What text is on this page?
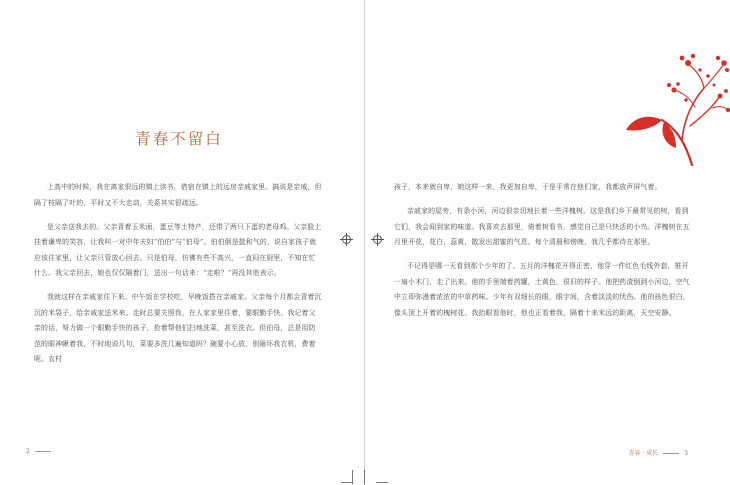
青春不留白

上高中的时候，我在离家很远的镇上读书，借宿在镇上的远房亲戚家里。搞说是亲戚，但隔了枝隔了叶的，平时又不大走动，关系其实很疏远。

是父亲送我去的。父亲背着玉米面，蛋豆等土特产，还带了两只下蛋的老母鸡。父亲脸上挂着谦卑的笑容，让我叫一对中年夫妇“伯伯”与“伯母”。伯伯倒是挺和气的，说自家孩子就应该住家里，让父亲只管放心回去。只是伯母，仿佛有些不高兴，一直闷在厨里，不知在忙什么。我父亲回去，她也仅仅隔着门，送出一句话来：“走啦？”再没其他表示。

我就这样在亲戚家住下来。中午饭在学校吃，早晚饭搭在亲戚家。父亲每个月都会背着沉沉的米袋子，给亲戚家送米来。走时总要关照我，在人家家里住着，要眼勤手快。我记着父亲的话，努力做一个眼勤手快的孩子，抢着帮他们扫地洗菜，甚至洗衣。但伯母，总是用防范的眼神瞅着我，不时地说几句，菜要多洗几遍知道吗？碗要小心放，别砸坏我衣机，费着呢。农村

2

孩子，本来就自卑，她这样一来，我更加自卑，于是平常在他们家，我都放声屏气着。

亲戚家的屋旁，有条小河，河边很亲切地长着一些洋槐树。这是我们乡下最常见的树，看到它们，我会闻到家的味道。我喜欢去那里，倚着树看书，感觉自己是只快活的小鸟。洋槐树在五月里开花，花白，蕊黄，散发出甜蜜的气息。每个清晨和傍晚，我几乎都待在那里。

不记得是哪一天看到那个少年的了。五月的洋槐花开得正密，他穿一件红色毛线外套，推开一扇小木门，走了出来。他的手里端着药罐，土黄色，很旧的样子。他把药渣倒到小河边，空气中立即弥漫着浓浓的中草药味。少年有双细长的眼，眼宇间，含着淡淡的忧伤。他的孩色很白，像头顶上开着的槐树花。我抬眼看他时，他也正看着我，隔着十来米远的距离，天空安静。

青春 · 成长	3
